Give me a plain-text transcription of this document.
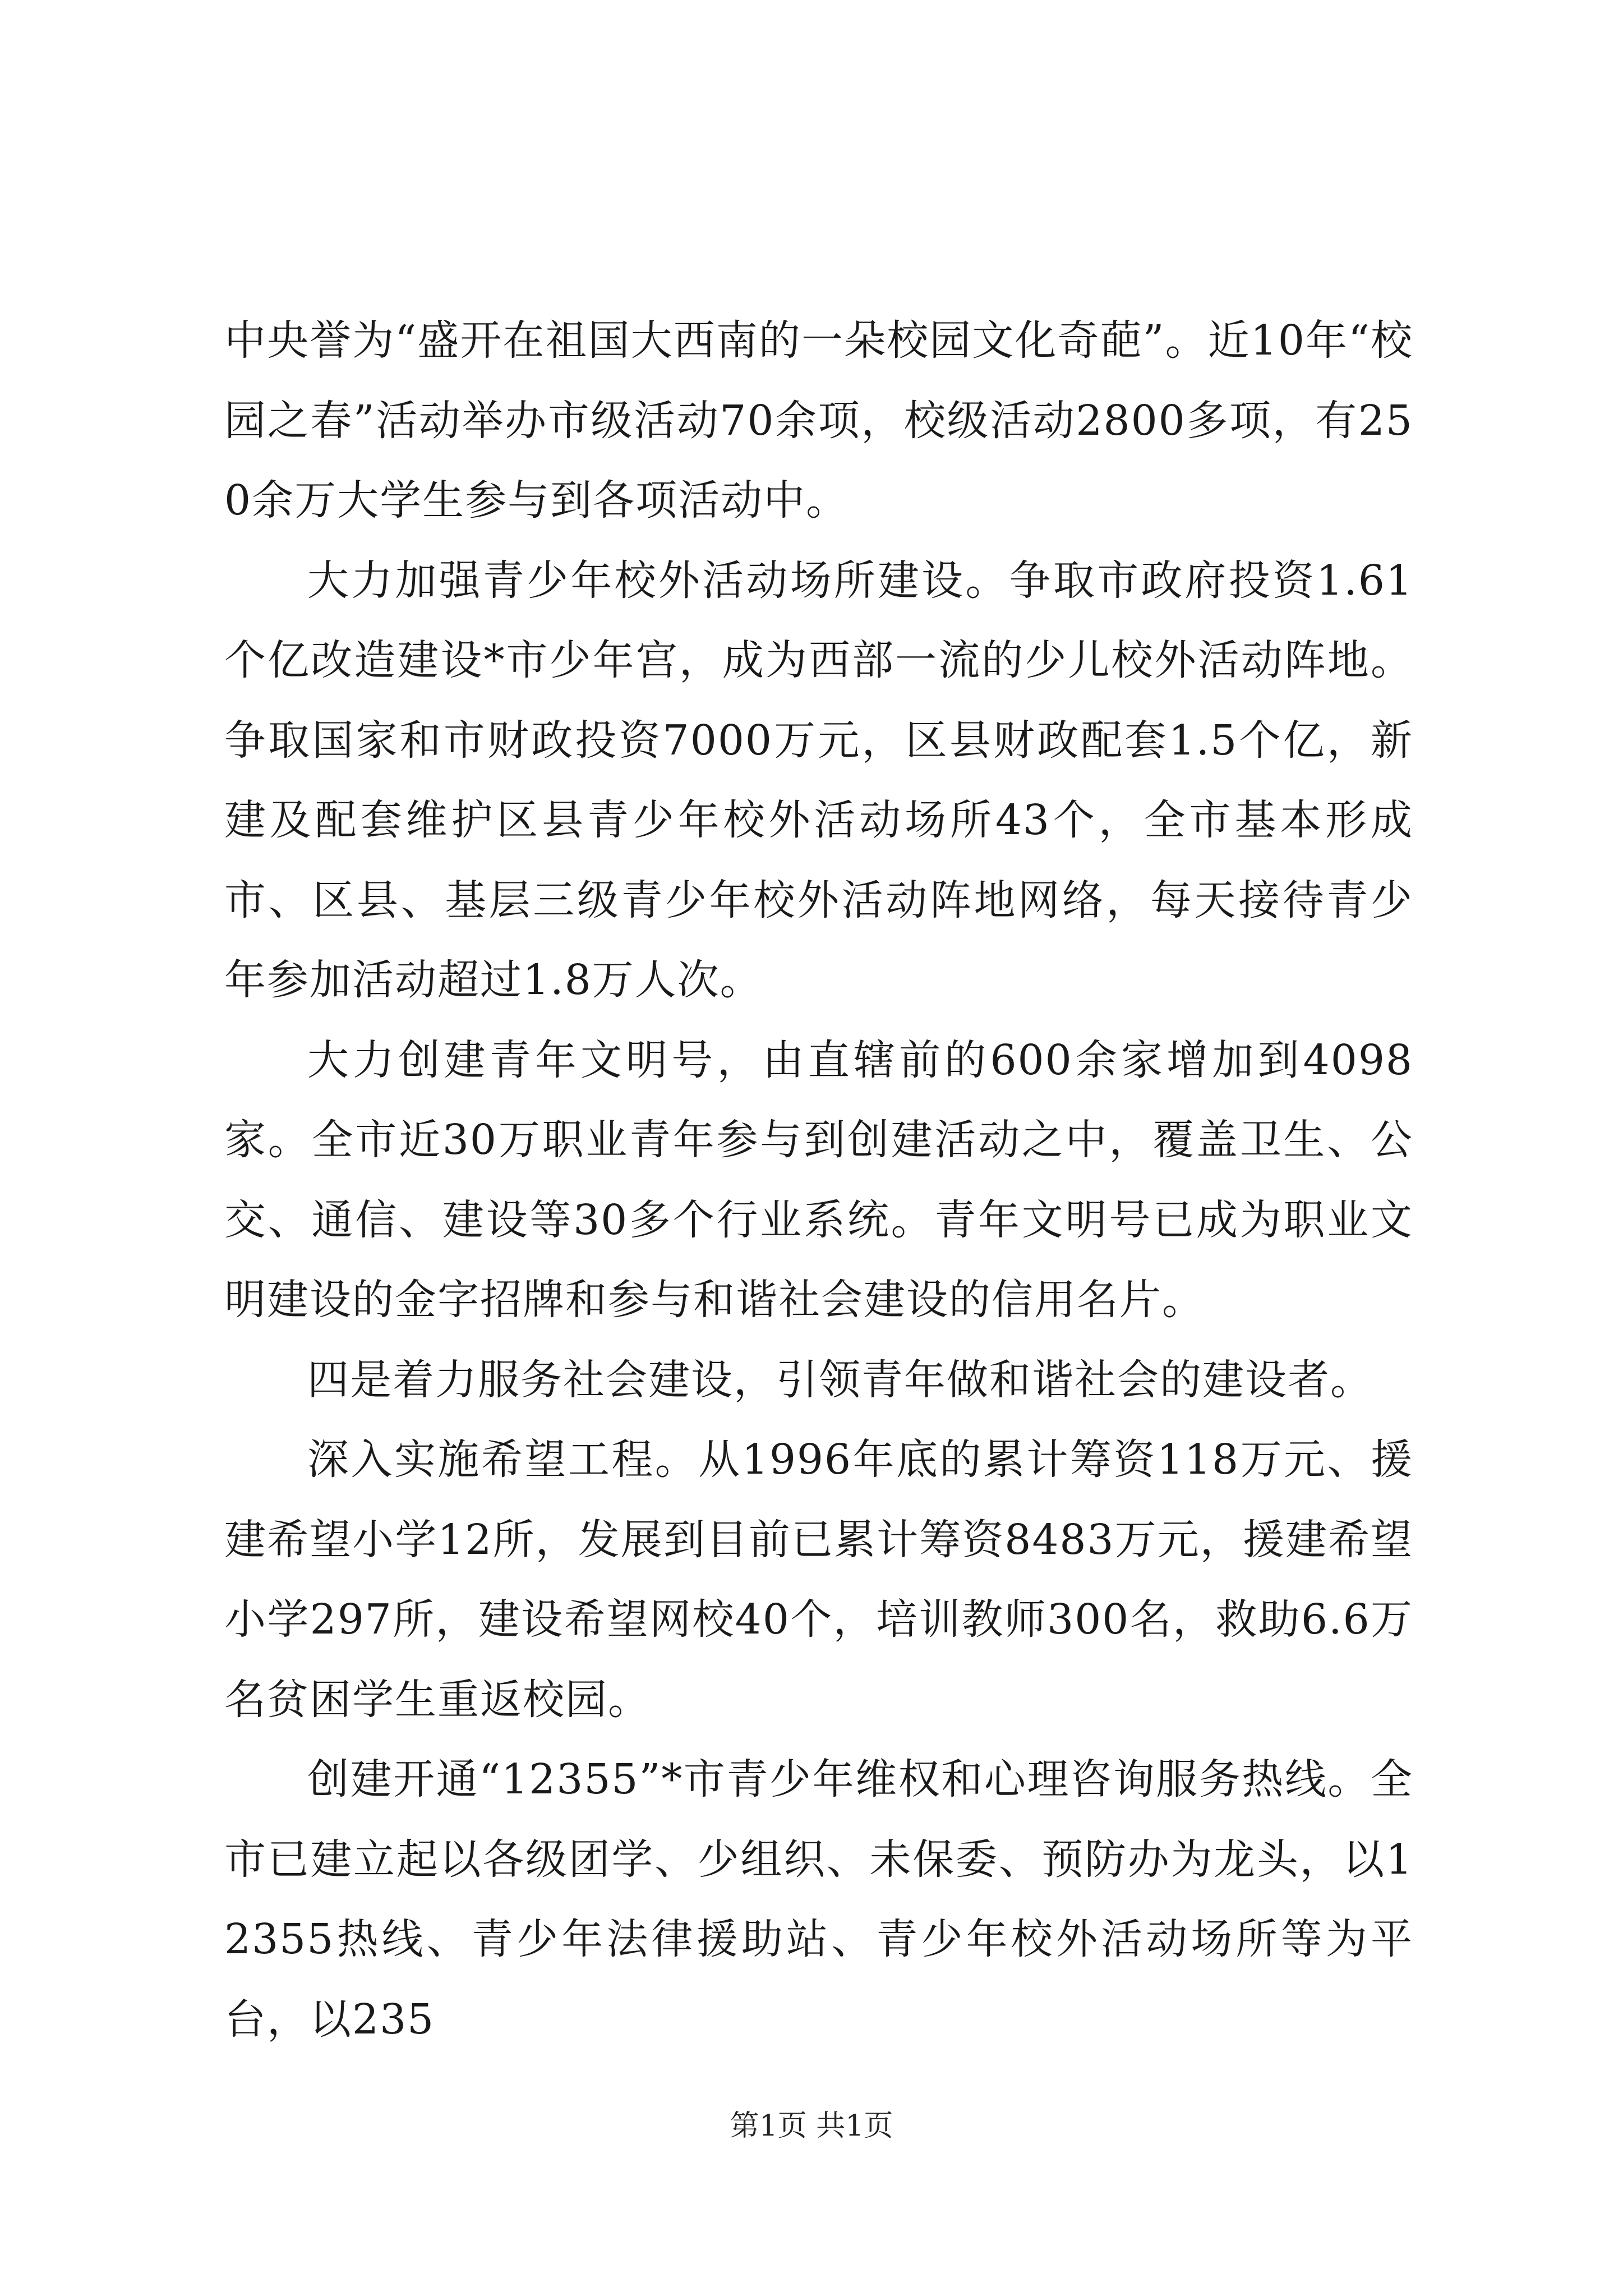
中央誉为“盛开在祖国大西南的一朵校园文化奇葩”。近10年“校园之春”活动举办市级活动70余项，校级活动2800多项，有250余万大学生参与到各项活动中。

大力加强青少年校外活动场所建设。争取市政府投资1.61个亿改造建设*市少年宫，成为西部一流的少儿校外活动阵地。争取国家和市财政投资7000万元，区县财政配套1.5个亿，新建及配套维护区县青少年校外活动场所43个，全市基本形成市、区县、基层三级青少年校外活动阵地网络，每天接待青少年参加活动超过1.8万人次。

大力创建青年文明号，由直辖前的600余家增加到4098家。全市近30万职业青年参与到创建活动之中，覆盖卫生、公交、通信、建设等30多个行业系统。青年文明号已成为职业文明建设的金字招牌和参与和谐社会建设的信用名片。

四是着力服务社会建设，引领青年做和谐社会的建设者。

深入实施希望工程。从1996年底的累计筹资118万元、援建希望小学12所，发展到目前已累计筹资8483万元，援建希望小学297所，建设希望网校40个，培训教师300名，救助6.6万名贫困学生重返校园。

创建开通“12355”*市青少年维权和心理咨询服务热线。全市已建立起以各级团学、少组织、未保委、预防办为龙头，以12355热线、青少年法律援助站、青少年校外活动场所等为平台，以235

第1页 共1页
